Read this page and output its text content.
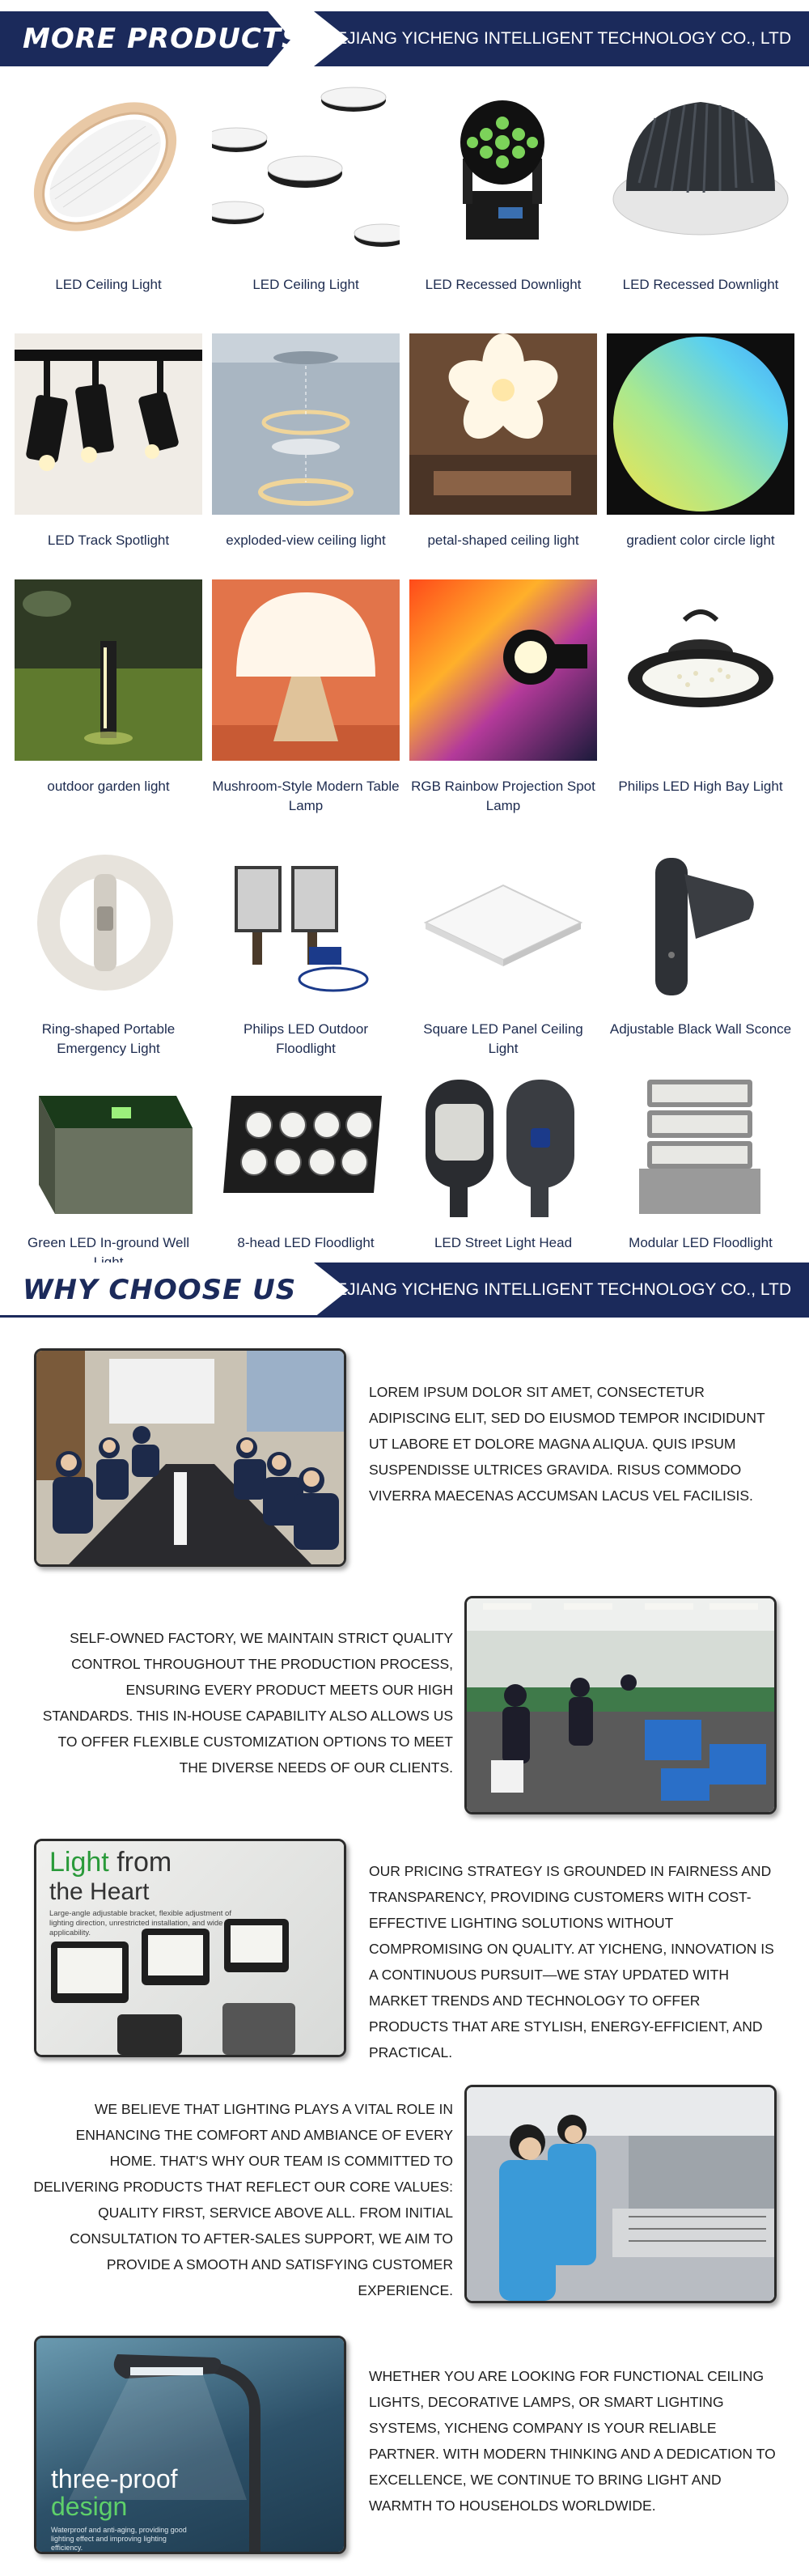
MORE PRODUCTS ZHEJIANG YICHENG INTELLIGENT TECHNOLOGY CO., LTD
LED Ceiling Light	LED Ceiling Light	LED Recessed Downlight	LED Recessed Downlight
LED Track Spotlight	exploded-view ceiling light	petal-shaped ceiling light	gradient color circle light
outdoor garden light	Mushroom-Style Modern Table Lamp
RGB Rainbow Projection Spot Lamp
Philips LED High Bay Light
Ring-shaped Portable Emergency Light
Philips LED Outdoor Floodlight
Square LED Panel Ceiling Light
Adjustable Black Wall Sconce
Green LED In-ground Well	8-head LED Floodlight	LED Street Light Head	Modular LED Floodlight
WHY CHOOSE US ZHEJIANG YICHENG INTELLIGENT TECHNOLOGY CO., LTD
LOREM IPSUM DOLOR SIT AMET, CONSECTETUR ADIPISCING ELIT, SED DO EIUSMOD TEMPOR INCIDIDUNT UT LABORE ET DOLORE MAGNA ALIQUA. QUIS IPSUM SUSPENDISSE ULTRICES GRAVIDA. RISUS COMMODO VIVERRA MAECENAS ACCUMSAN LACUS VEL FACILISIS.
SELF-OWNED FACTORY, WE MAINTAIN STRICT QUALITY CONTROL THROUGHOUT THE PRODUCTION PROCESS, ENSURING EVERY PRODUCT MEETS OUR HIGH STANDARDS. THIS IN-HOUSE CAPABILITY ALSO ALLOWS US TO OFFER FLEXIBLE CUSTOMIZATION OPTIONS TO MEET THE DIVERSE NEEDS OF OUR CLIENTS.
Light from
the Heart
Large-angle adjustable bracket, flexible adjustment of lighting direction, unrestricted installation, and wide applicability.
OUR PRICING STRATEGY IS GROUNDED IN FAIRNESS AND TRANSPARENCY, PROVIDING CUSTOMERS WITH COST-EFFECTIVE LIGHTING SOLUTIONS WITHOUT COMPROMISING ON QUALITY. AT YICHENG, INNOVATION IS A CONTINUOUS PURSUIT—WE STAY UPDATED WITH MARKET TRENDS AND TECHNOLOGY TO OFFER PRODUCTS THAT ARE STYLISH, ENERGY-EFFICIENT, AND PRACTICAL.
WE BELIEVE THAT LIGHTING PLAYS A VITAL ROLE IN ENHANCING THE COMFORT AND AMBIANCE OF EVERY HOME. THAT'S WHY OUR TEAM IS COMMITTED TO DELIVERING PRODUCTS THAT REFLECT OUR CORE VALUES: QUALITY FIRST, SERVICE ABOVE ALL. FROM INITIAL CONSULTATION TO AFTER-SALES SUPPORT, WE AIM TO PROVIDE A SMOOTH AND SATISFYING CUSTOMER EXPERIENCE.
three-proof
design
Waterproof and anti-aging, providing good lighting effect and improving lighting efficiency.
WHETHER YOU ARE LOOKING FOR FUNCTIONAL CEILING LIGHTS, DECORATIVE LAMPS, OR SMART LIGHTING SYSTEMS, YICHENG COMPANY IS YOUR RELIABLE PARTNER. WITH MODERN THINKING AND A DEDICATION TO EXCELLENCE, WE CONTINUE TO BRING LIGHT AND WARMTH TO HOUSEHOLDS WORLDWIDE.
